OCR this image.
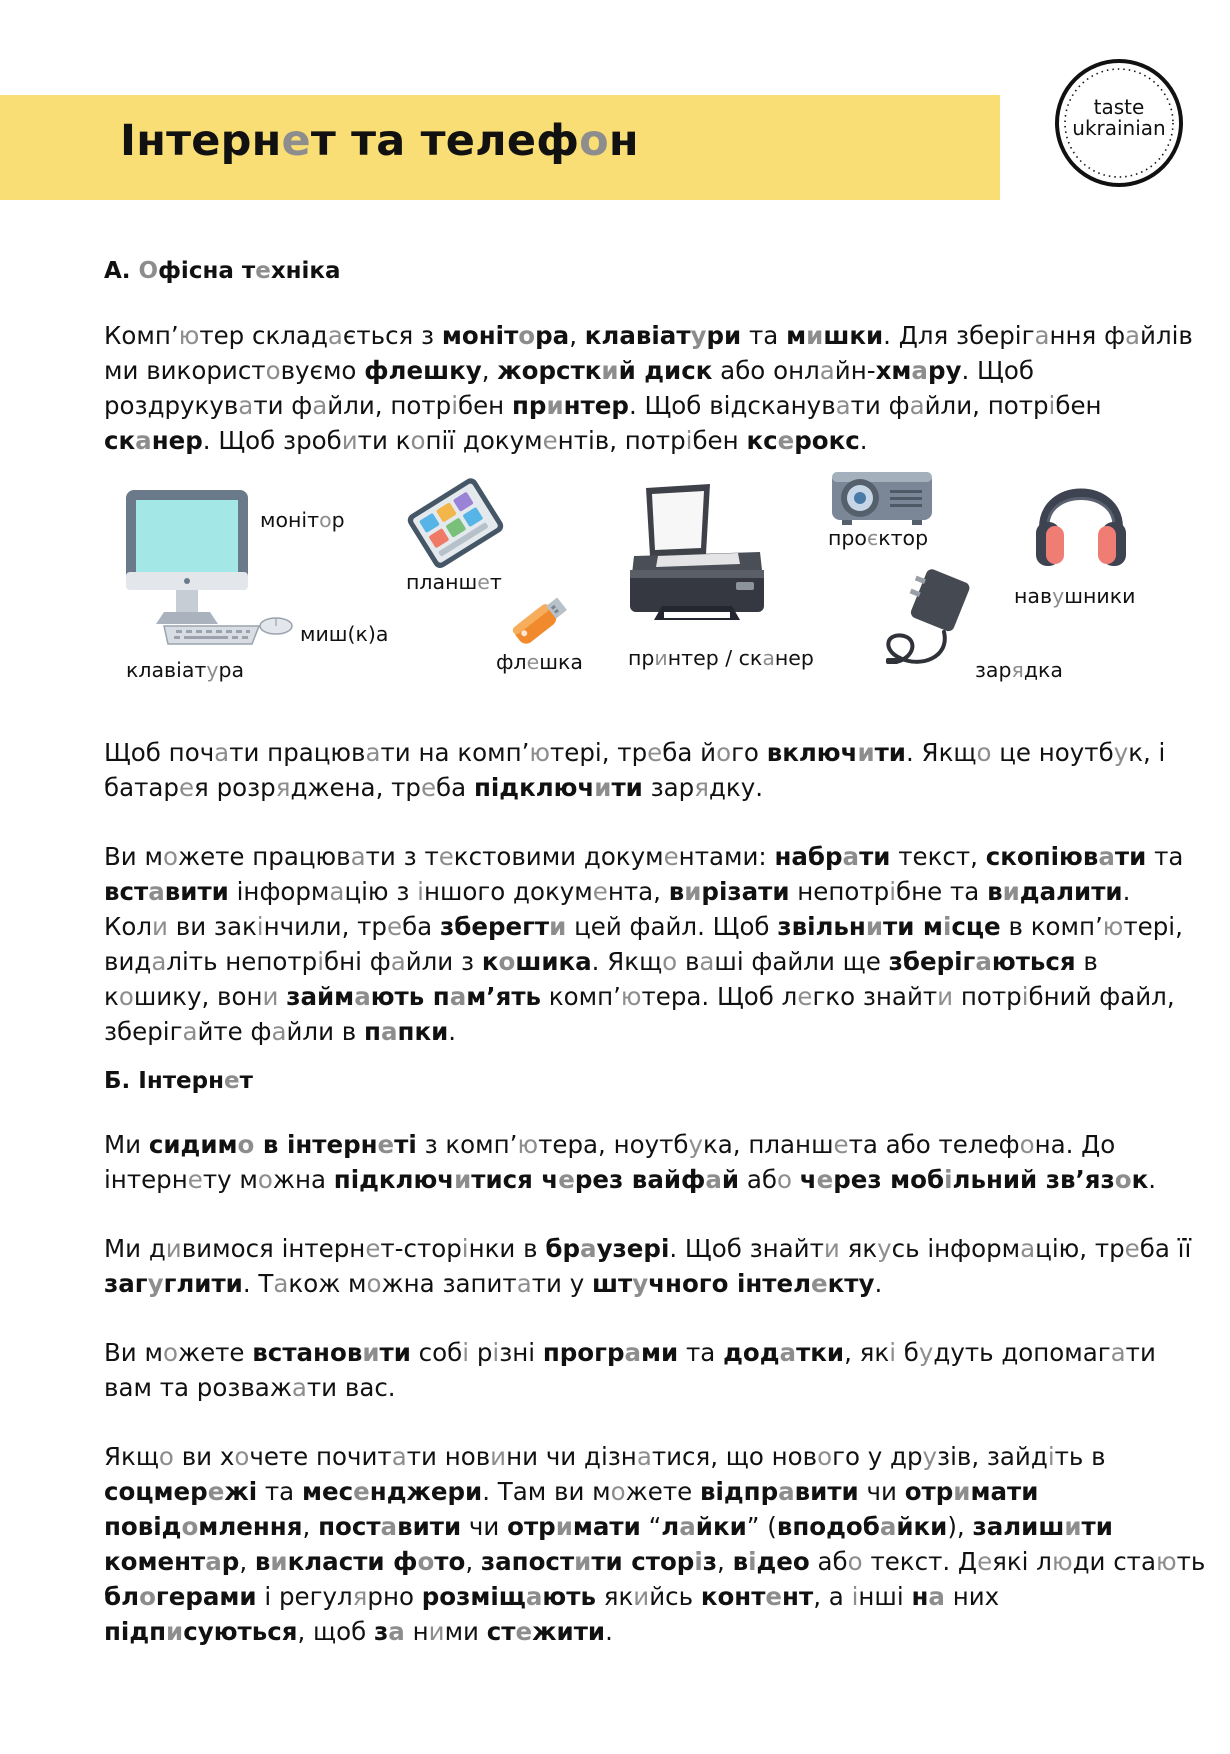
Інтернет та телефон
taste
ukrainian
А. Офісна техніка
Комп’ютер складається з монітора, клавіатури та мишки. Для зберігання файлів
ми використовуємо флешку, жорсткий диск або онлайн-хмару. Щоб
роздрукувати файли, потрібен принтер. Щоб відсканувати файли, потрібен
сканер. Щоб зробити копії документів, потрібен ксерокс.
монітор
клавіатура
миш(к)а
планшет
флешка принтер / сканер
проєктор
зарядка
навушники
Щоб почати працювати на комп’ютері, треба його включити. Якщо це ноутбук, і
батарея розряджена, треба підключити зарядку.
Ви можете працювати з текстовими документами: набрати текст, скопіювати та
вставити інформацію з іншого документа, вирізати непотрібне та видалити.
Коли ви закінчили, треба зберегти цей файл. Щоб звільнити місце в комп’ютері,
видаліть непотрібні файли з кошика. Якщо ваші файли ще зберігаються в
кошику, вони займають пам’ять комп’ютера. Щоб легко знайти потрібний файл,
зберігайте файли в папки.
Б. Інтернет
Ми сидимо в інтернеті з комп’ютера, ноутбука, планшета або телефона. До
інтернету можна підключитися через вайфай або через мобільний зв’язок.
Ми дивимося інтернет-сторінки в браузері. Щоб знайти якусь інформацію, треба її
загуглити. Також можна запитати у штучного інтелекту.
Ви можете встановити собі різні програми та додатки, які будуть допомагати
вам та розважати вас.
Якщо ви хочете почитати новини чи дізнатися, що нового у друзів, зайдіть в
соцмережі та месенджери. Там ви можете відправити чи отримати
повідомлення, поставити чи отримати “лайки” (вподобайки), залишити
коментар, викласти фото, запостити сторіз, відео або текст. Деякі люди стають
блогерами і регулярно розміщають якийсь контент, а інші на них
підписуються, щоб за ними стежити.
